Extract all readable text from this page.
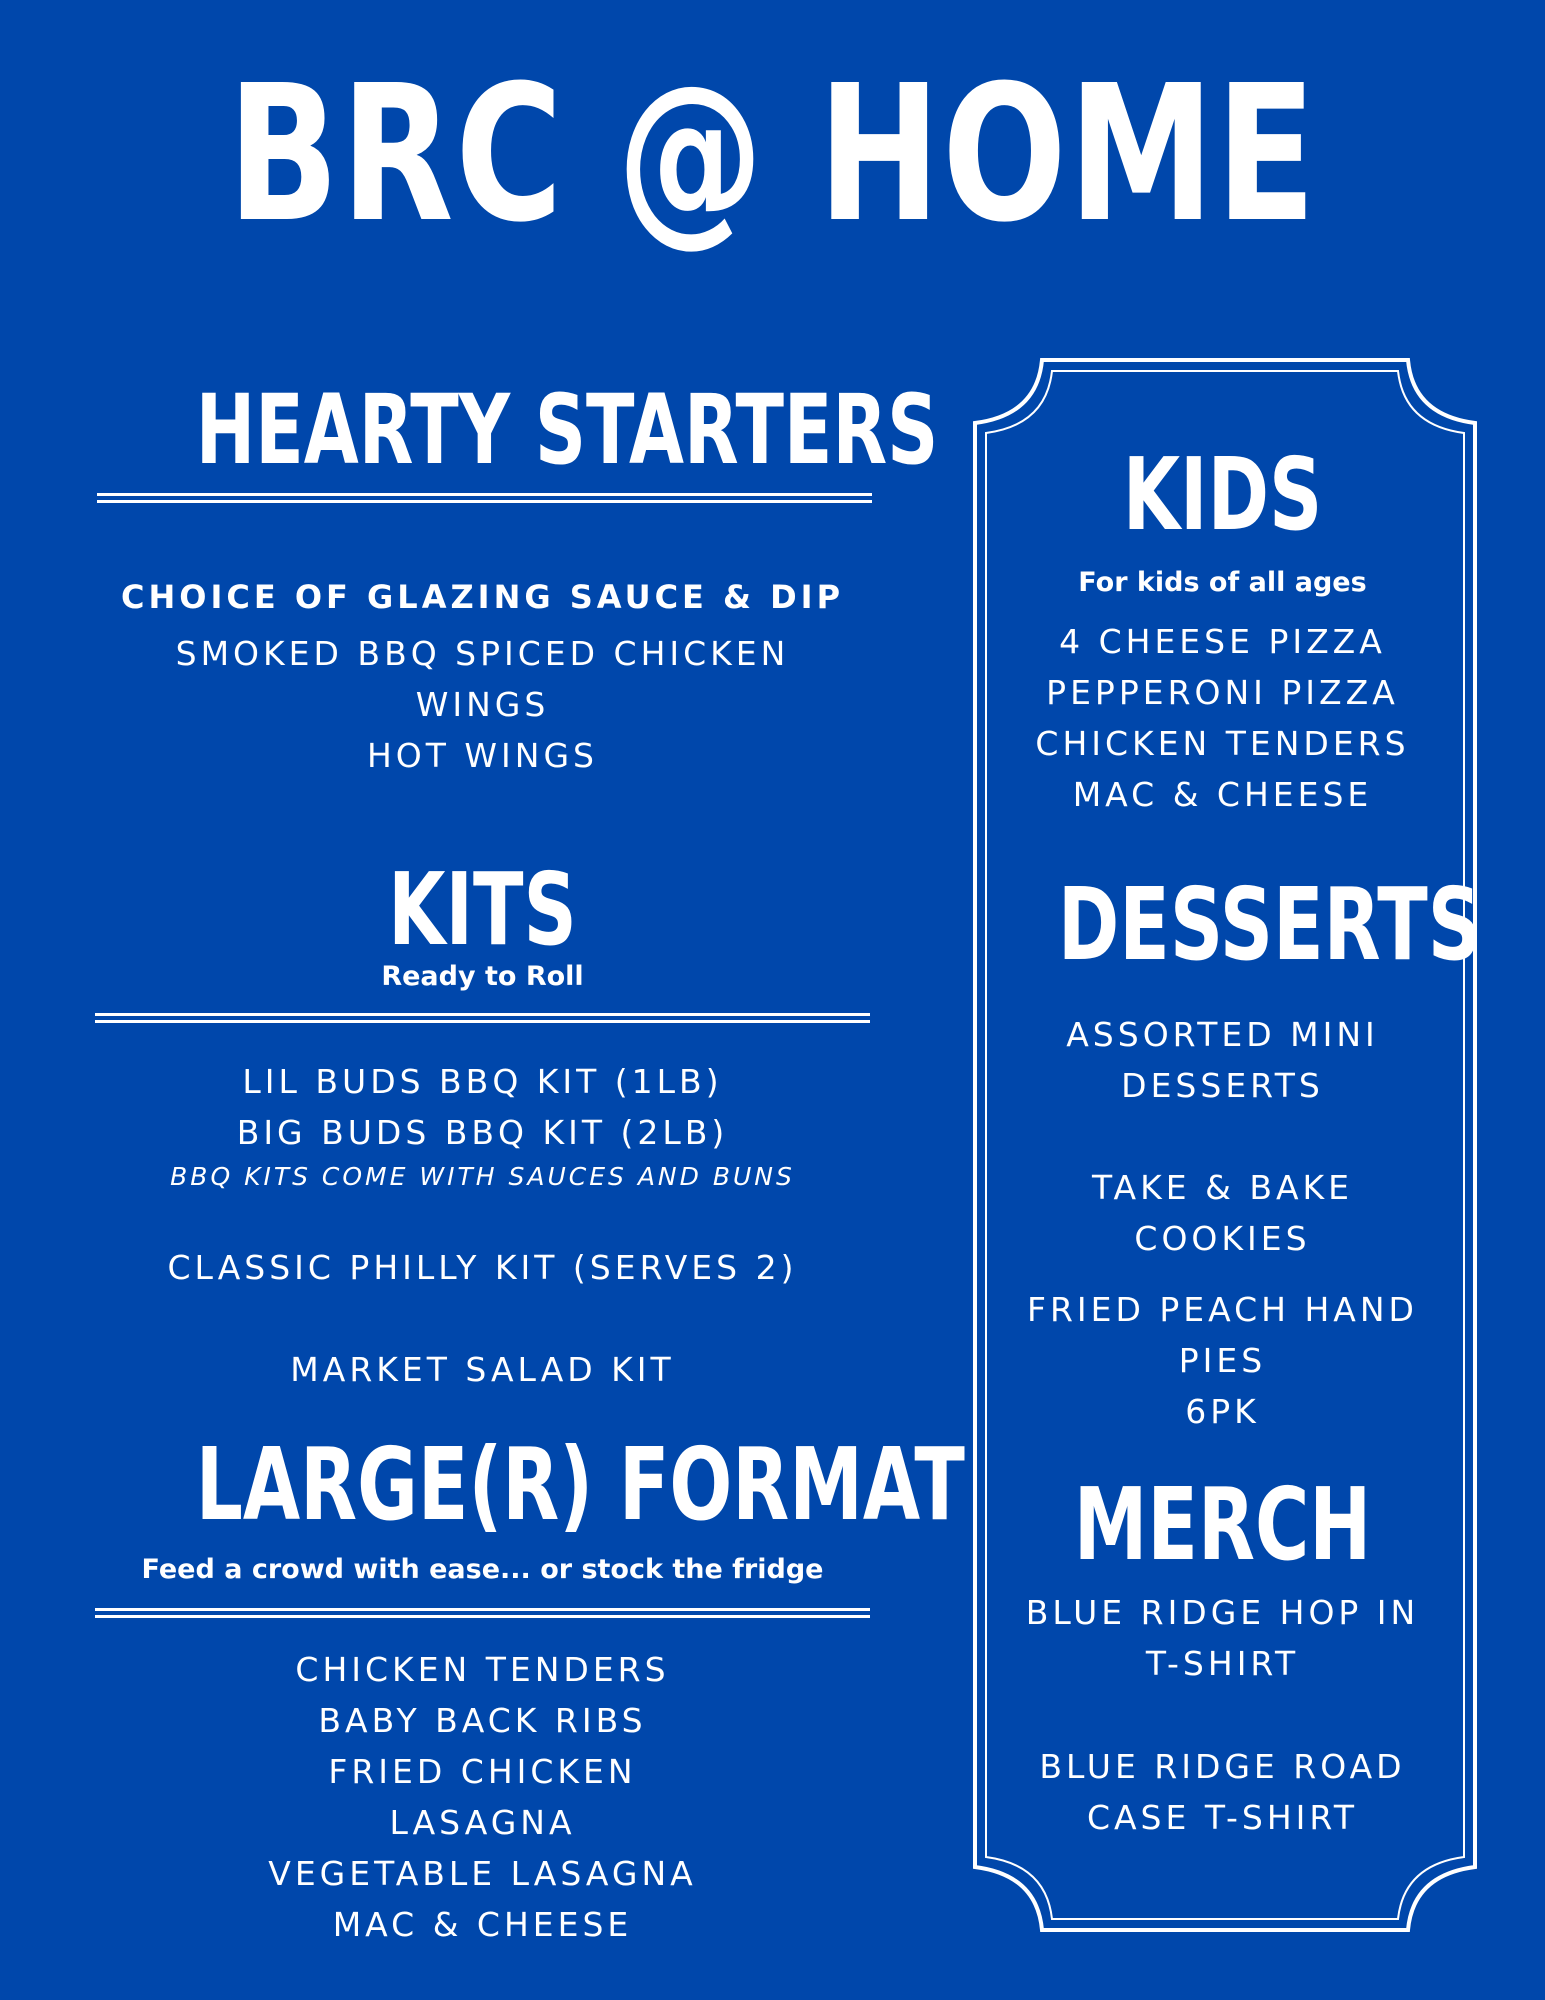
BRC @ HOME
HEARTY STARTERS
CHOICE OF GLAZING SAUCE & DIP
SMOKED BBQ SPICED CHICKEN
WINGS
HOT WINGS
KITS
Ready to Roll
LIL BUDS BBQ KIT (1LB)
BIG BUDS BBQ KIT (2LB)
BBQ KITS COME WITH SAUCES AND BUNS
CLASSIC PHILLY KIT (SERVES 2)
MARKET SALAD KIT
LARGE(R) FORMAT
Feed a crowd with ease... or stock the fridge
CHICKEN TENDERS
BABY BACK RIBS
FRIED CHICKEN
LASAGNA
VEGETABLE LASAGNA
MAC & CHEESE
KIDS
For kids of all ages
4 CHEESE PIZZA
PEPPERONI PIZZA
CHICKEN TENDERS
MAC & CHEESE
DESSERTS
ASSORTED MINI
DESSERTS
TAKE & BAKE
COOKIES
FRIED PEACH HAND
PIES
6PK
MERCH
BLUE RIDGE HOP IN
T-SHIRT
BLUE RIDGE ROAD
CASE T-SHIRT
